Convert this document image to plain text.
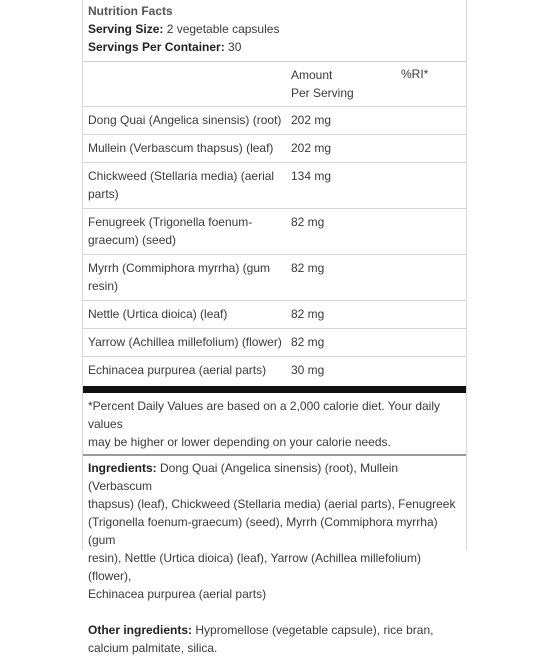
Nutrition Facts
Serving Size: 2 vegetable capsules
Servings Per Container: 30

	Amount
Per Serving	%RI*
Dong Quai (Angelica sinensis) (root)	202 mg	
Mullein (Verbascum thapsus) (leaf)	202 mg	

Chickweed (Stellaria media) (aerial
parts)	134 mg	

Fenugreek (Trigonella foenum-
graecum) (seed)	82 mg	

Myrrh (Commiphora myrrha) (gum
resin)	82 mg	
Nettle (Urtica dioica) (leaf)	82 mg	
Yarrow (Achillea millefolium) (flower)	82 mg	
Echinacea purpurea (aerial parts)	30 mg	
*Percent Daily Values are based on a 2,000 calorie diet. Your daily values
may be higher or lower depending on your calorie needs.
Ingredients: Dong Quai (Angelica sinensis) (root), Mullein (Verbascum
thapsus) (leaf), Chickweed (Stellaria media) (aerial parts), Fenugreek
(Trigonella foenum-graecum) (seed), Myrrh (Commiphora myrrha) (gum
resin), Nettle (Urtica dioica) (leaf), Yarrow (Achillea millefolium) (flower),
Echinacea purpurea (aerial parts)
Other ingredients: Hypromellose (vegetable capsule), rice bran,
calcium palmitate, silica.
